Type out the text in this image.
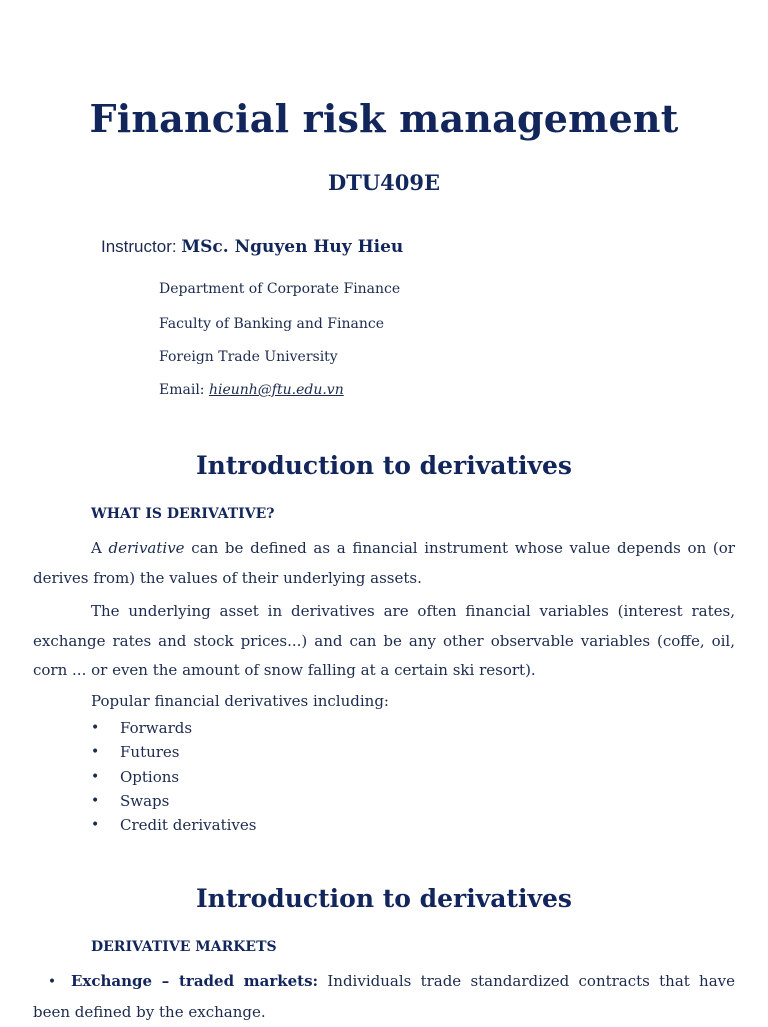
Financial risk management
DTU409E
Instructor: MSc. Nguyen Huy Hieu
Department of Corporate Finance
Faculty of Banking and Finance
Foreign Trade University
Email: hieunh@ftu.edu.vn
Introduction to derivatives
WHAT IS DERIVATIVE?
A derivative can be defined as a financial instrument whose value depends on (or derives from) the values of their underlying assets.
The underlying asset in derivatives are often financial variables (interest rates, exchange rates and stock prices...) and can be any other observable variables (coffe, oil, corn ... or even the amount of snow falling at a certain ski resort).
Popular financial derivatives including:
•	Forwards
•	Futures
•	Options
•	Swaps
•	Credit derivatives
Introduction to derivatives
DERIVATIVE MARKETS
• Exchange – traded markets: Individuals trade standardized contracts that have been defined by the exchange.
